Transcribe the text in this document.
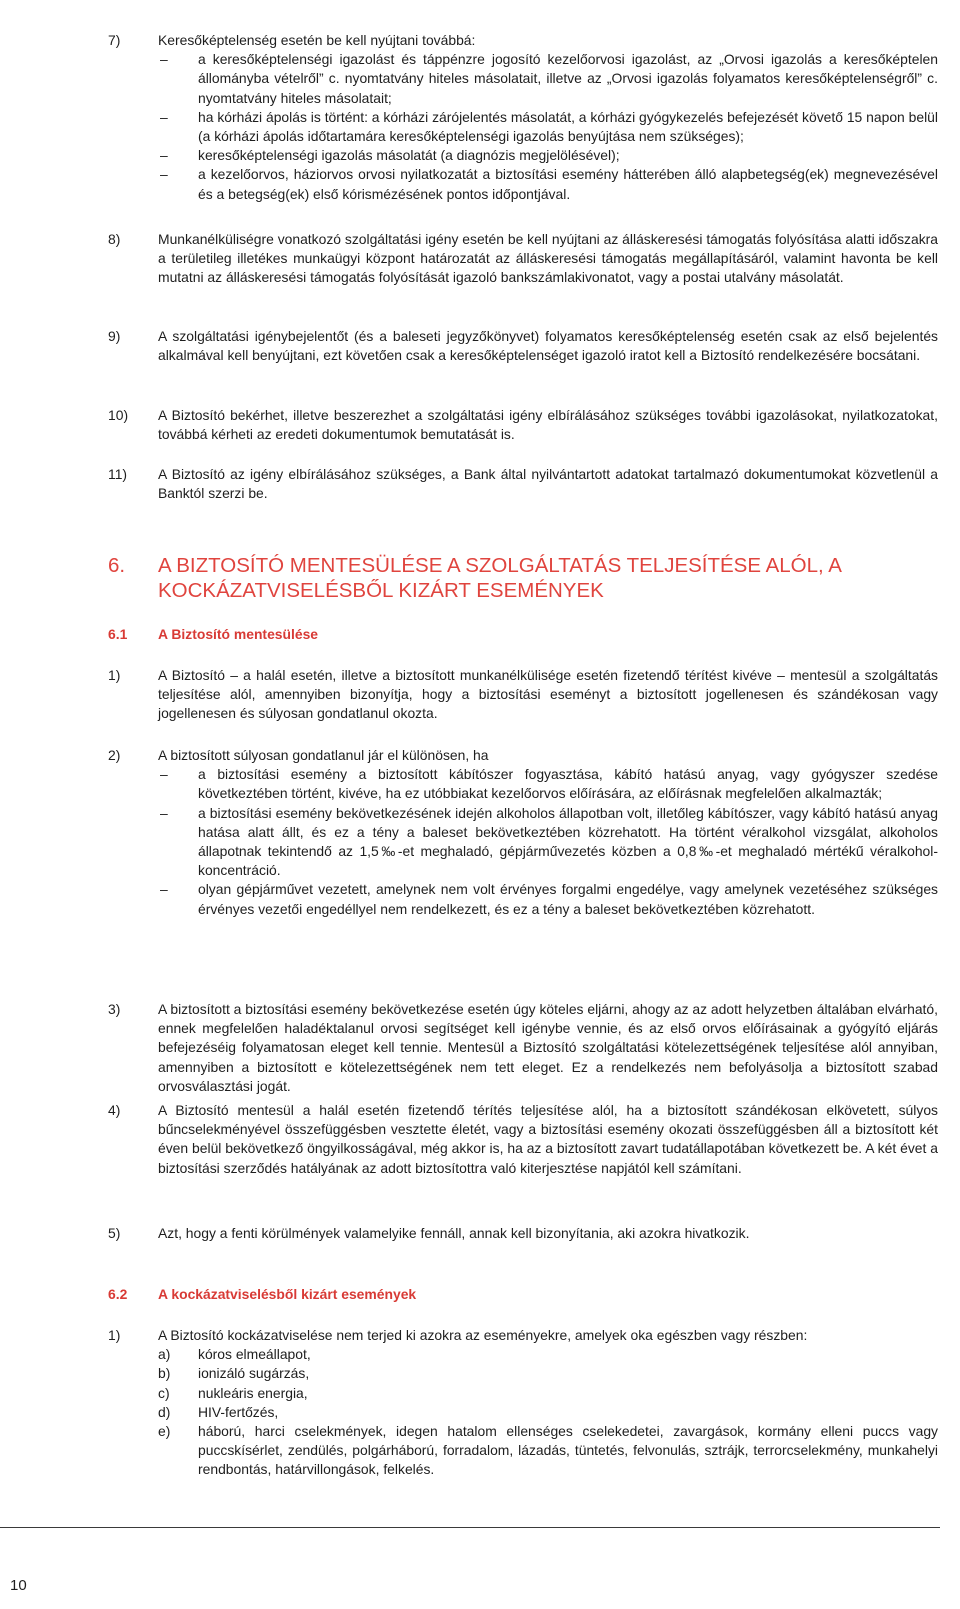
7)	Keresőképtelenség esetén be kell nyújtani továbbá:

– a keresőképtelenségi igazolást és táppénzre jogosító kezelőorvosi igazolást, az „Orvosi igazolás a keresőképtelen állományba vételről” c. nyomtatvány hiteles másolatait, illetve az „Orvosi igazolás folyamatos keresőképtelenségről” c. nyomtatvány hiteles másolatait;
– ha kórházi ápolás is történt: a kórházi zárójelentés másolatát, a kórházi gyógykezelés befejezését követő 15 napon belül (a kórházi ápolás időtartamára keresőképtelenségi igazolás benyújtása nem szükséges);
– keresőképtelenségi igazolás másolatát (a diagnózis megjelölésével);
– a kezelőorvos, háziorvos orvosi nyilatkozatát a biztosítási esemény hátterében álló alapbetegség(ek) megnevezésével és a betegség(ek) első kórismézésének pontos időpontjával.
8)	Munkanélküliségre vonatkozó szolgáltatási igény esetén be kell nyújtani az álláskeresési támogatás folyósítása alatti időszakra a területileg illetékes munkaügyi központ határozatát az álláskeresési támogatás megállapításáról, valamint havonta be kell mutatni az álláskeresési támogatás folyósítását igazoló bankszámlakivonatot, vagy a postai utalvány másolatát.
9)	A szolgáltatási igénybejelentőt (és a baleseti jegyzőkönyvet) folyamatos keresőképtelenség esetén csak az első bejelentés alkalmával kell benyújtani, ezt követően csak a keresőképtelenséget igazoló iratot kell a Biztosító rendelkezésére bocsátani.
10) A Biztosító bekérhet, illetve beszerezhet a szolgáltatási igény elbírálásához szükséges további igazolásokat, nyilatkozatokat, továbbá kérheti az eredeti dokumentumok bemutatását is.
11) A Biztosító az igény elbírálásához szükséges, a Bank által nyilvántartott adatokat tartalmazó dokumentumokat közvetlenül a Banktól szerzi be.
6. A BIZTOSÍTÓ MENTESÜLÉSE A SZOLGÁLTATÁS TELJESÍTÉSE ALÓL, A KOCKÁZATVISELÉSBŐL KIZÁRT ESEMÉNYEK
6.1 A Biztosító mentesülése
1)	A Biztosító – a halál esetén, illetve a biztosított munkanélkülisége esetén fizetendő térítést kivéve – mentesül a szolgáltatás teljesítése alól, amennyiben bizonyítja, hogy a biztosítási eseményt a biztosított jogellenesen és szándékosan vagy jogellenesen és súlyosan gondatlanul okozta.
2)	A biztosított súlyosan gondatlanul jár el különösen, ha

– a biztosítási esemény a biztosított kábítószer fogyasztása, kábító hatású anyag, vagy gyógyszer szedése következtében történt, kivéve, ha ez utóbbiakat kezelőorvos előírására, az előírásnak megfelelően alkalmazták;
– a biztosítási esemény bekövetkezésének idején alkoholos állapotban volt, illetőleg kábítószer, vagy kábító hatású anyag hatása alatt állt, és ez a tény a baleset bekövetkeztében közrehatott. Ha történt véralkohol vizsgálat, alkoholos állapotnak tekintendő az 1,5‰-et meghaladó, gépjárművezetés közben a 0,8‰-et meghaladó mértékű véralkohol-koncentráció.
– olyan gépjárművet vezetett, amelynek nem volt érvényes forgalmi engedélye, vagy amelynek vezetéséhez szükséges érvényes vezetői engedéllyel nem rendelkezett, és ez a tény a baleset bekövetkeztében közrehatott.
3)	A biztosított a biztosítási esemény bekövetkezése esetén úgy köteles eljárni, ahogy az az adott helyzetben általában elvárható, ennek megfelelően haladéktalanul orvosi segítséget kell igénybe vennie, és az első orvos előírásainak a gyógyító eljárás befejezéséig folyamatosan eleget kell tennie. Mentesül a Biztosító szolgáltatási kötelezettségének teljesítése alól annyiban, amennyiben a biztosított e kötelezettségének nem tett eleget. Ez a rendelkezés nem befolyásolja a biztosított szabad orvosválasztási jogát.
4)	A Biztosító mentesül a halál esetén fizetendő térítés teljesítése alól, ha a biztosított szándékosan elkövetett, súlyos bűncselekményével összefüggésben vesztette életét, vagy a biztosítási esemény okozati összefüggésben áll a biztosított két éven belül bekövetkező öngyilkosságával, még akkor is, ha az a biztosított zavart tudatállapotában következett be. A két évet a biztosítási szerződés hatályának az adott biztosítottra való kiterjesztése napjától kell számítani.
5)	Azt, hogy a fenti körülmények valamelyike fennáll, annak kell bizonyítania, aki azokra hivatkozik.
6.2 A kockázatviselésből kizárt események
1)	A Biztosító kockázatviselése nem terjed ki azokra az eseményekre, amelyek oka egészben vagy részben:

a) kóros elmeállapot,
b) ionizáló sugárzás,
c) nukleáris energia,
d) HIV-fertőzés,
e) háború, harci cselekmények, idegen hatalom ellenséges cselekedetei, zavargások, kormány elleni puccs vagy puccskísérlet, zendülés, polgárháború, forradalom, lázadás, tüntetés, felvonulás, sztrájk, terrorcselekmény, munkahelyi rendbontás, határvillongások, felkelés.
10
